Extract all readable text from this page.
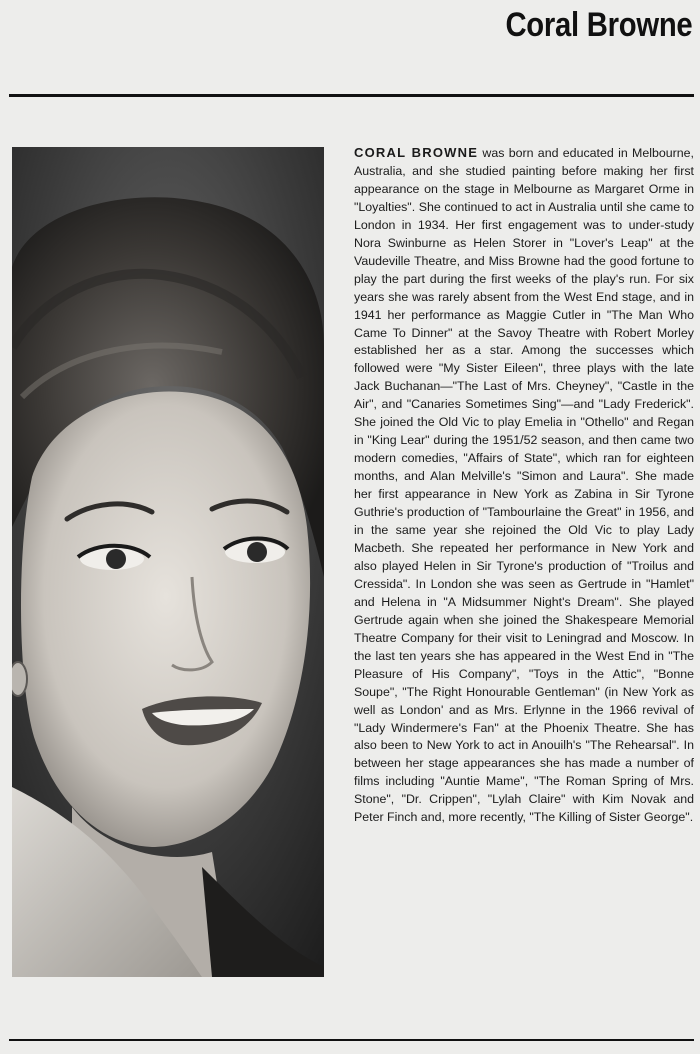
Coral Browne

CORAL BROWNE was born and educated in Melbourne, Australia, and she studied painting before making her first appearance on the stage in Melbourne as Margaret Orme in "Loyalties". She continued to act in Australia until she came to London in 1934. Her first engagement was to under-study Nora Swinburne as Helen Storer in "Lover's Leap" at the Vaudeville Theatre, and Miss Browne had the good fortune to play the part during the first weeks of the play's run. For six years she was rarely absent from the West End stage, and in 1941 her performance as Maggie Cutler in "The Man Who Came To Dinner" at the Savoy Theatre with Robert Morley established her as a star. Among the successes which followed were "My Sister Eileen", three plays with the late Jack Buchanan—"The Last of Mrs. Cheyney", "Castle in the Air", and "Canaries Sometimes Sing"—and "Lady Frederick". She joined the Old Vic to play Emelia in "Othello" and Regan in "King Lear" during the 1951/52 season, and then came two modern comedies, "Affairs of State", which ran for eighteen months, and Alan Melville's "Simon and Laura". She made her first appearance in New York as Zabina in Sir Tyrone Guthrie's production of "Tambourlaine the Great" in 1956, and in the same year she rejoined the Old Vic to play Lady Macbeth. She repeated her performance in New York and also played Helen in Sir Tyrone's production of "Troilus and Cressida". In London she was seen as Gertrude in "Hamlet" and Helena in "A Midsummer Night's Dream". She played Gertrude again when she joined the Shakespeare Memorial Theatre Company for their visit to Leningrad and Moscow. In the last ten years she has appeared in the West End in "The Pleasure of His Company", "Toys in the Attic", "Bonne Soupe", "The Right Honourable Gentleman" (in New York as well as London' and as Mrs. Erlynne in the 1966 revival of "Lady Windermere's Fan" at the Phoenix Theatre. She has also been to New York to act in Anouilh's "The Rehearsal". In between her stage appearances she has made a number of films including "Auntie Mame", "The Roman Spring of Mrs. Stone", "Dr. Crippen", "Lylah Claire" with Kim Novak and Peter Finch and, more recently, "The Killing of Sister George".
